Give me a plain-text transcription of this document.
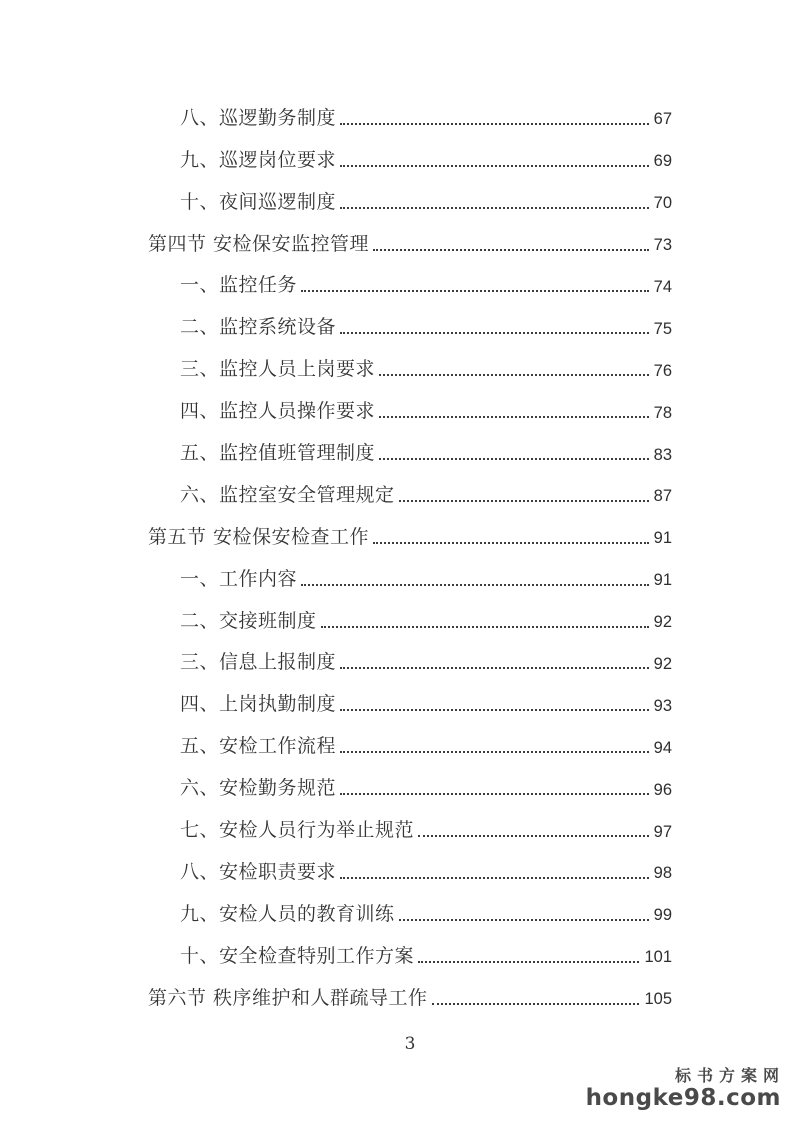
八、巡逻勤务制度	67
九、巡逻岗位要求	69
十、夜间巡逻制度	70
第四节 安检保安监控管理	73
一、监控任务	74
二、监控系统设备	75
三、监控人员上岗要求	76
四、监控人员操作要求	78
五、监控值班管理制度	83
六、监控室安全管理规定	87
第五节 安检保安检查工作	91
一、工作内容	91
二、交接班制度	92
三、信息上报制度	92
四、上岗执勤制度	93
五、安检工作流程	94
六、安检勤务规范	96
七、安检人员行为举止规范	97
八、安检职责要求	98
九、安检人员的教育训练	99
十、安全检查特别工作方案	101
第六节 秩序维护和人群疏导工作	105
3
标书方案网
hongke98.com
